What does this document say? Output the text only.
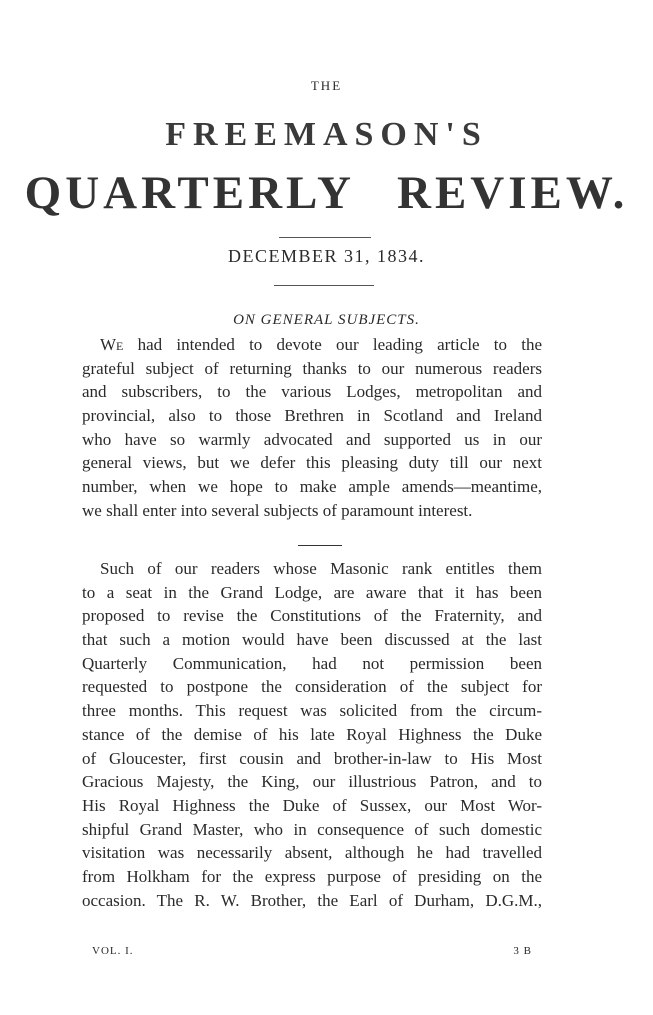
THE
FREEMASON'S
QUARTERLY REVIEW.
DECEMBER 31, 1834.
ON GENERAL SUBJECTS.
We had intended to devote our leading article to the
grateful subject of returning thanks to our numerous readers
and subscribers, to the various Lodges, metropolitan and
provincial, also to those Brethren in Scotland and Ireland
who have so warmly advocated and supported us in our
general views, but we defer this pleasing duty till our next
number, when we hope to make ample amends—meantime,
we shall enter into several subjects of paramount interest.
Such of our readers whose Masonic rank entitles them
to a seat in the Grand Lodge, are aware that it has been
proposed to revise the Constitutions of the Fraternity, and
that such a motion would have been discussed at the last
Quarterly Communication, had not permission been
requested to postpone the consideration of the subject for
three months. This request was solicited from the circum-
stance of the demise of his late Royal Highness the Duke
of Gloucester, first cousin and brother-in-law to His Most
Gracious Majesty, the King, our illustrious Patron, and to
His Royal Highness the Duke of Sussex, our Most Wor-
shipful Grand Master, who in consequence of such domestic
visitation was necessarily absent, although he had travelled
from Holkham for the express purpose of presiding on the
occasion. The R. W. Brother, the Earl of Durham, D.G.M.,
VOL. I.	3 B
